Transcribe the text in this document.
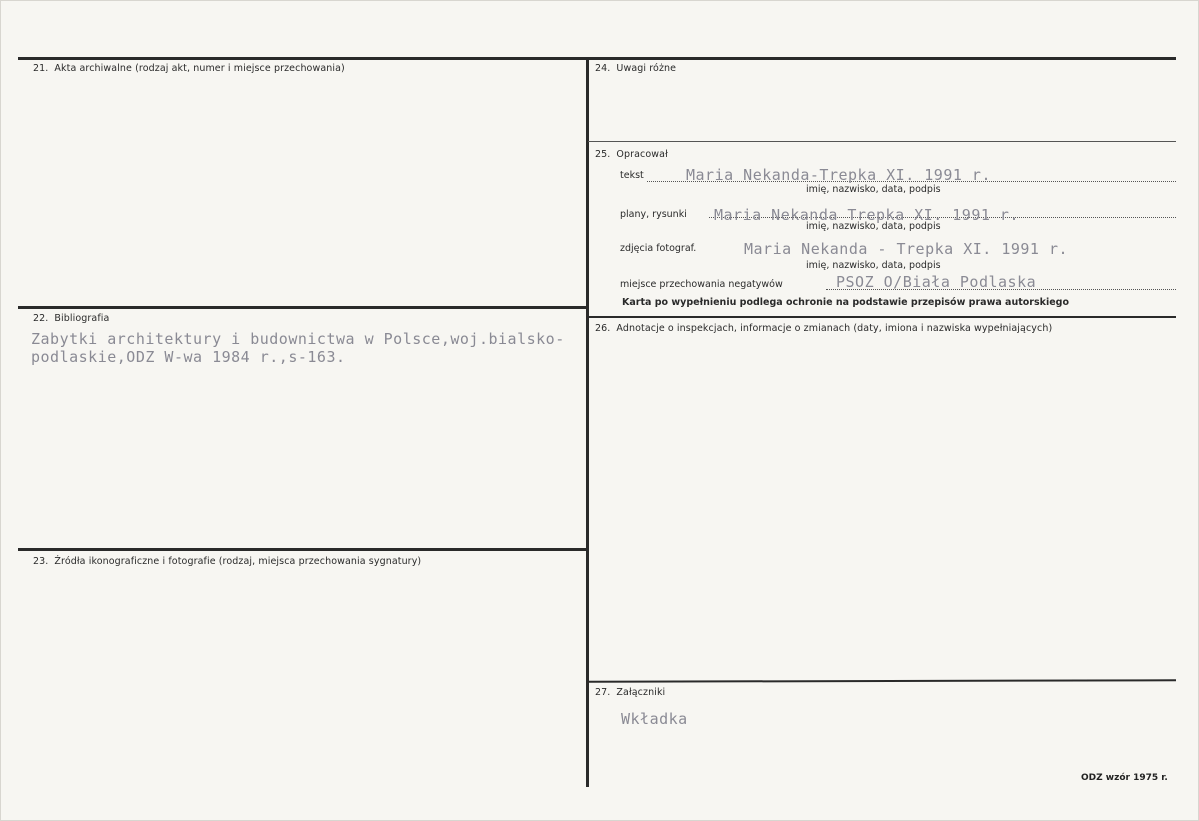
21. Akta archiwalne (rodzaj akt, numer i miejsce przechowania)
22. Bibliografia
Zabytki architektury i budownictwa w Polsce,woj.bialsko-
podlaskie,ODZ W-wa 1984 r.,s-163.
23. Źródła ikonograficzne i fotografie (rodzaj, miejsca przechowania sygnatury)
24. Uwagi różne
25. Opracował
tekst	Maria Nekanda-Trepka XI. 1991 r.
imię, nazwisko, data, podpis
plany, rysunki Maria Nekanda Trepka XI. 1991 r.
imię, nazwisko, data, podpis
zdjęcia fotograf.	Maria Nekanda - Trepka XI. 1991 r.
imię, nazwisko, data, podpis
miejsce przechowania negatywów	PSOZ O/Biała Podlaska
Karta po wypełnieniu podlega ochronie na podstawie przepisów prawa autorskiego
26. Adnotacje o inspekcjach, informacje o zmianach (daty, imiona i nazwiska wypełniających)
27. Załączniki
Wkładka
ODZ wzór 1975 r.
